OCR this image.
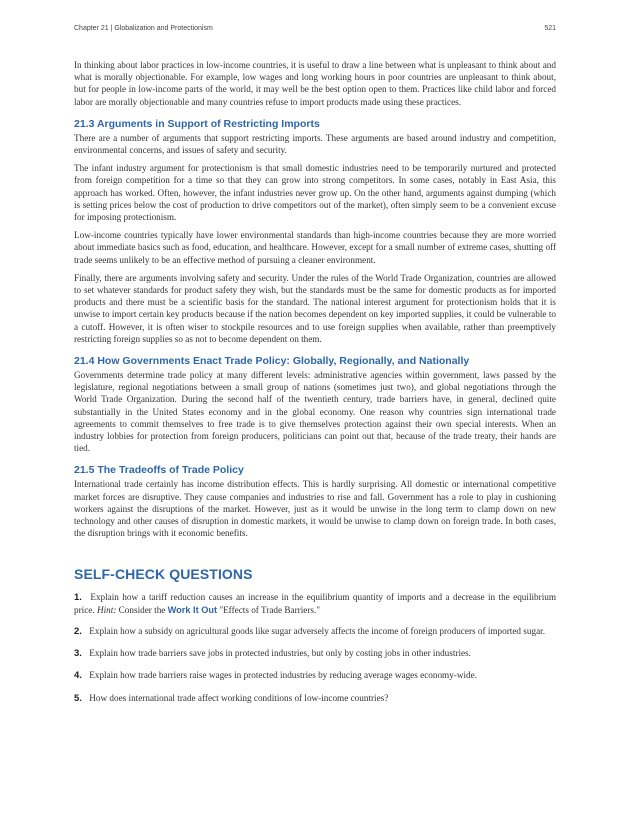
Chapter 21 | Globalization and Protectionism	521

In thinking about labor practices in low-income countries, it is useful to draw a line between what is unpleasant to think about and what is morally objectionable. For example, low wages and long working hours in poor countries are unpleasant to think about, but for people in low-income parts of the world, it may well be the best option open to them. Practices like child labor and forced labor are morally objectionable and many countries refuse to import products made using these practices.

21.3 Arguments in Support of Restricting Imports

There are a number of arguments that support restricting imports. These arguments are based around industry and competition, environmental concerns, and issues of safety and security.

The infant industry argument for protectionism is that small domestic industries need to be temporarily nurtured and protected from foreign competition for a time so that they can grow into strong competitors. In some cases, notably in East Asia, this approach has worked. Often, however, the infant industries never grow up. On the other hand, arguments against dumping (which is setting prices below the cost of production to drive competitors out of the market), often simply seem to be a convenient excuse for imposing protectionism.

Low-income countries typically have lower environmental standards than high-income countries because they are more worried about immediate basics such as food, education, and healthcare. However, except for a small number of extreme cases, shutting off trade seems unlikely to be an effective method of pursuing a cleaner environment.

Finally, there are arguments involving safety and security. Under the rules of the World Trade Organization, countries are allowed to set whatever standards for product safety they wish, but the standards must be the same for domestic products as for imported products and there must be a scientific basis for the standard. The national interest argument for protectionism holds that it is unwise to import certain key products because if the nation becomes dependent on key imported supplies, it could be vulnerable to a cutoff. However, it is often wiser to stockpile resources and to use foreign supplies when available, rather than preemptively restricting foreign supplies so as not to become dependent on them.

21.4 How Governments Enact Trade Policy: Globally, Regionally, and Nationally

Governments determine trade policy at many different levels: administrative agencies within government, laws passed by the legislature, regional negotiations between a small group of nations (sometimes just two), and global negotiations through the World Trade Organization. During the second half of the twentieth century, trade barriers have, in general, declined quite substantially in the United States economy and in the global economy. One reason why countries sign international trade agreements to commit themselves to free trade is to give themselves protection against their own special interests. When an industry lobbies for protection from foreign producers, politicians can point out that, because of the trade treaty, their hands are tied.

21.5 The Tradeoffs of Trade Policy

International trade certainly has income distribution effects. This is hardly surprising. All domestic or international competitive market forces are disruptive. They cause companies and industries to rise and fall. Government has a role to play in cushioning workers against the disruptions of the market. However, just as it would be unwise in the long term to clamp down on new technology and other causes of disruption in domestic markets, it would be unwise to clamp down on foreign trade. In both cases, the disruption brings with it economic benefits.

SELF-CHECK QUESTIONS
1. Explain how a tariff reduction causes an increase in the equilibrium quantity of imports and a decrease in the equilibrium price. Hint: Consider the Work It Out "Effects of Trade Barriers."
2. Explain how a subsidy on agricultural goods like sugar adversely affects the income of foreign producers of imported sugar.
3. Explain how trade barriers save jobs in protected industries, but only by costing jobs in other industries.
4. Explain how trade barriers raise wages in protected industries by reducing average wages economy-wide.
5. How does international trade affect working conditions of low-income countries?
